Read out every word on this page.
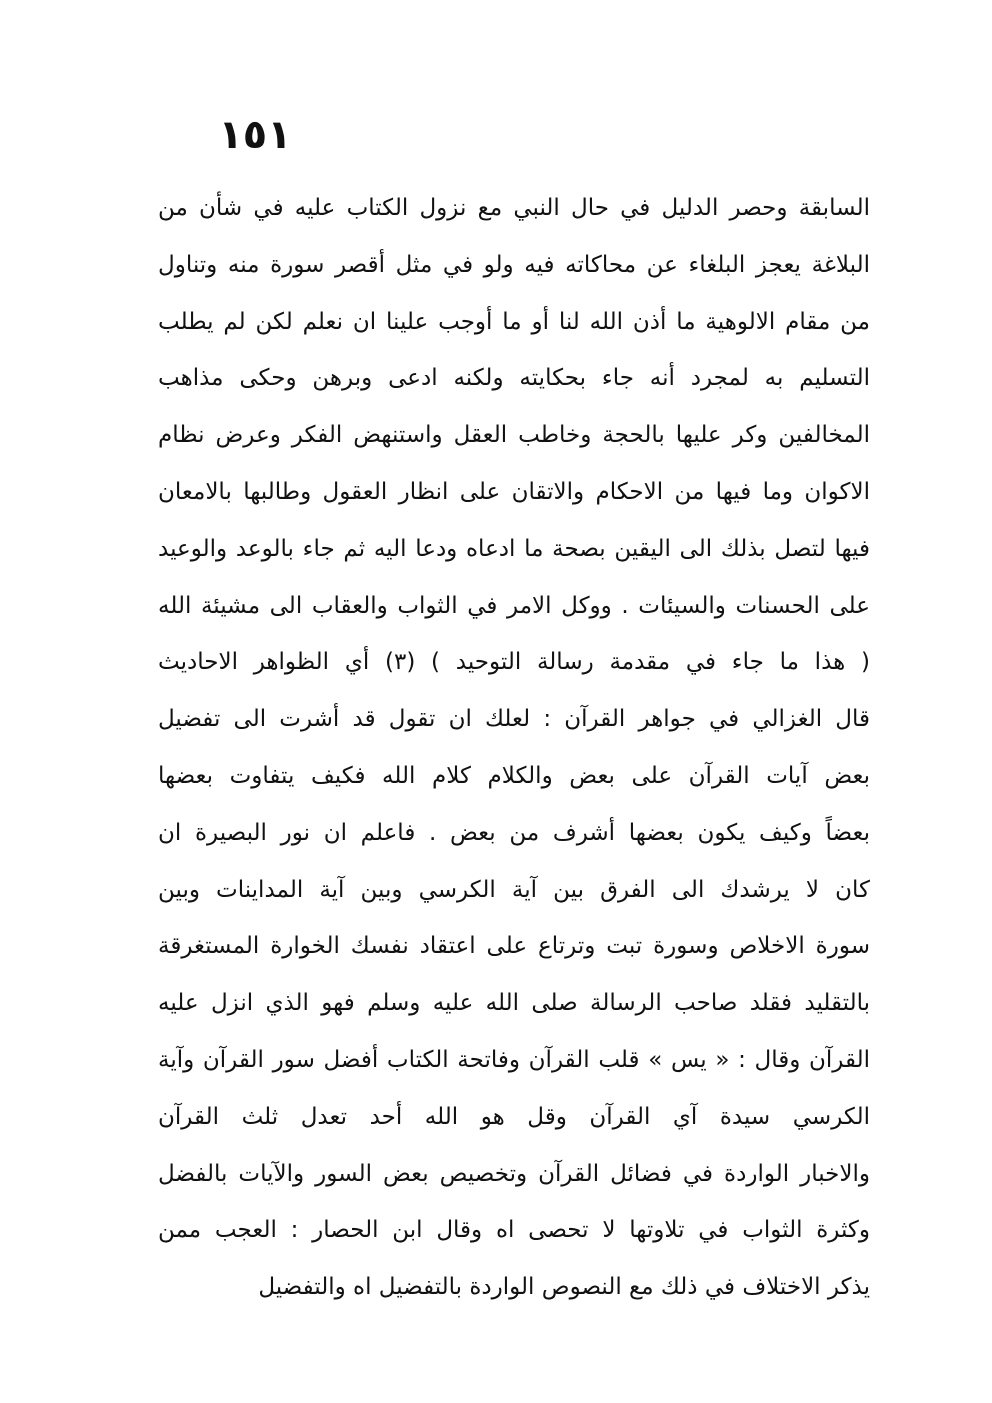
١٥١
السابقة وحصر الدليل في حال النبي مع نزول الكتاب عليه في شأن من
البلاغة يعجز البلغاء عن محاكاته فيه ولو في مثل أقصر سورة منه وتناول
من مقام الالوهية ما أذن الله لنا أو ما أوجب علينا ان نعلم لكن لم يطلب
التسليم به لمجرد أنه جاء بحكايته ولكنه ادعى وبرهن وحكى مذاهب
المخالفين وكر عليها بالحجة وخاطب العقل واستنهض الفكر وعرض نظام
الاكوان وما فيها من الاحكام والاتقان على انظار العقول وطالبها بالامعان
فيها لتصل بذلك الى اليقين بصحة ما ادعاه ودعا اليه ثم جاء بالوعد والوعيد
على الحسنات والسيئات . ووكل الامر في الثواب والعقاب الى مشيئة الله
( هذا ما جاء في مقدمة رسالة التوحيد ) (٣) أي الظواهر الاحاديث
قال الغزالي في جواهر القرآن : لعلك ان تقول قد أشرت الى تفضيل
بعض آيات القرآن على بعض والكلام كلام الله فكيف يتفاوت بعضها
بعضاً وكيف يكون بعضها أشرف من بعض . فاعلم ان نور البصيرة ان
كان لا يرشدك الى الفرق بين آية الكرسي وبين آية المداينات وبين
سورة الاخلاص وسورة تبت وترتاع على اعتقاد نفسك الخوارة المستغرقة
بالتقليد فقلد صاحب الرسالة صلى الله عليه وسلم فهو الذي انزل عليه
القرآن وقال : « يس » قلب القرآن وفاتحة الكتاب أفضل سور القرآن وآية
الكرسي سيدة آي القرآن وقل هو الله أحد تعدل ثلث القرآن
والاخبار الواردة في فضائل القرآن وتخصيص بعض السور والآيات بالفضل
وكثرة الثواب في تلاوتها لا تحصى اه وقال ابن الحصار : العجب ممن
يذكر الاختلاف في ذلك مع النصوص الواردة بالتفضيل اه والتفضيل
